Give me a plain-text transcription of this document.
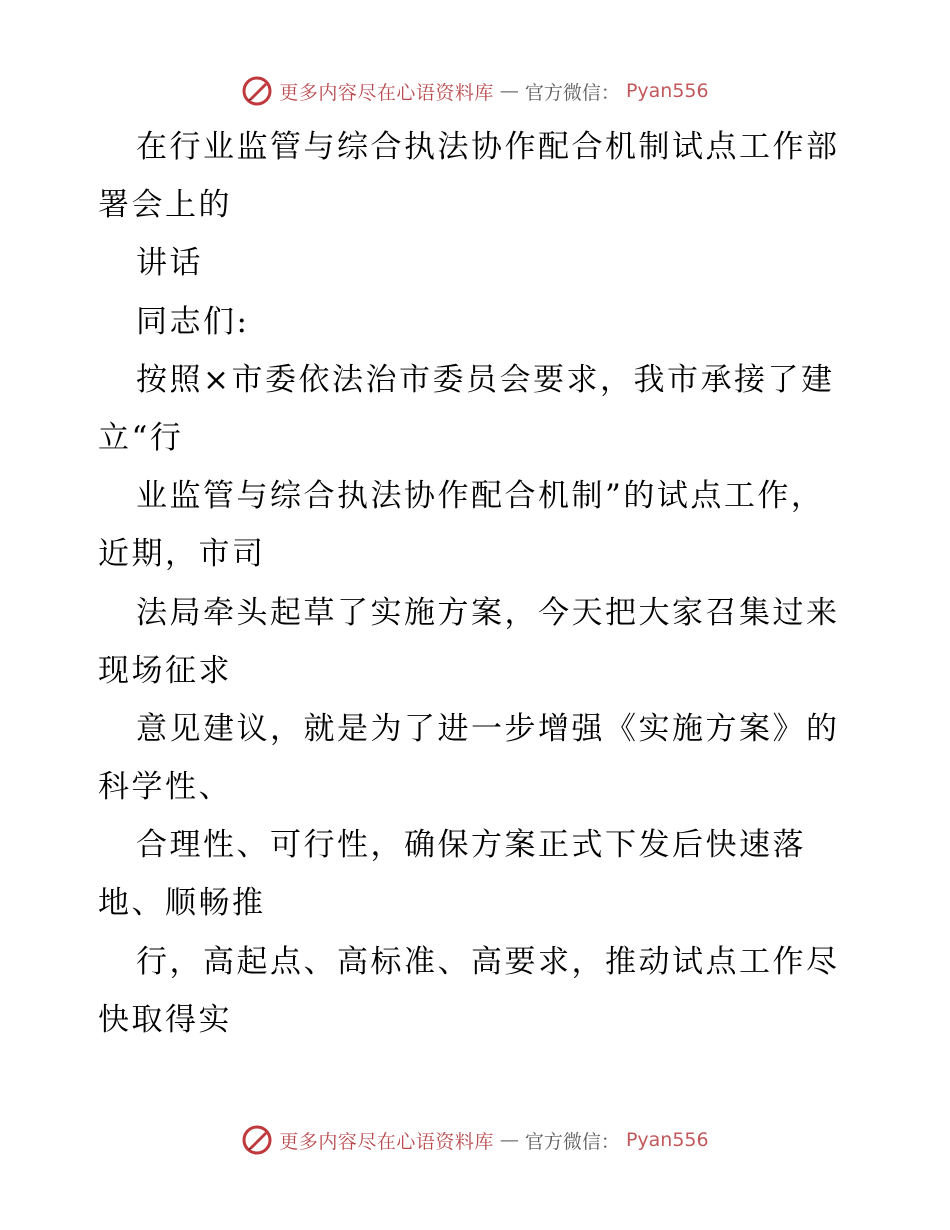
更多内容尽在心语资料库 — 官方微信： Pyan556
在行业监管与综合执法协作配合机制试点工作部
署会上的
讲话
同志们:
按照×市委依法治市委员会要求，我市承接了建
立“行
业监管与综合执法协作配合机制”的试点工作，
近期，市司
法局牵头起草了实施方案，今天把大家召集过来
现场征求
意见建议，就是为了进一步增强《实施方案》的
科学性、
合理性、可行性，确保方案正式下发后快速落
地、顺畅推
行，高起点、高标准、高要求，推动试点工作尽
快取得实
更多内容尽在心语资料库 — 官方微信： Pyan556
